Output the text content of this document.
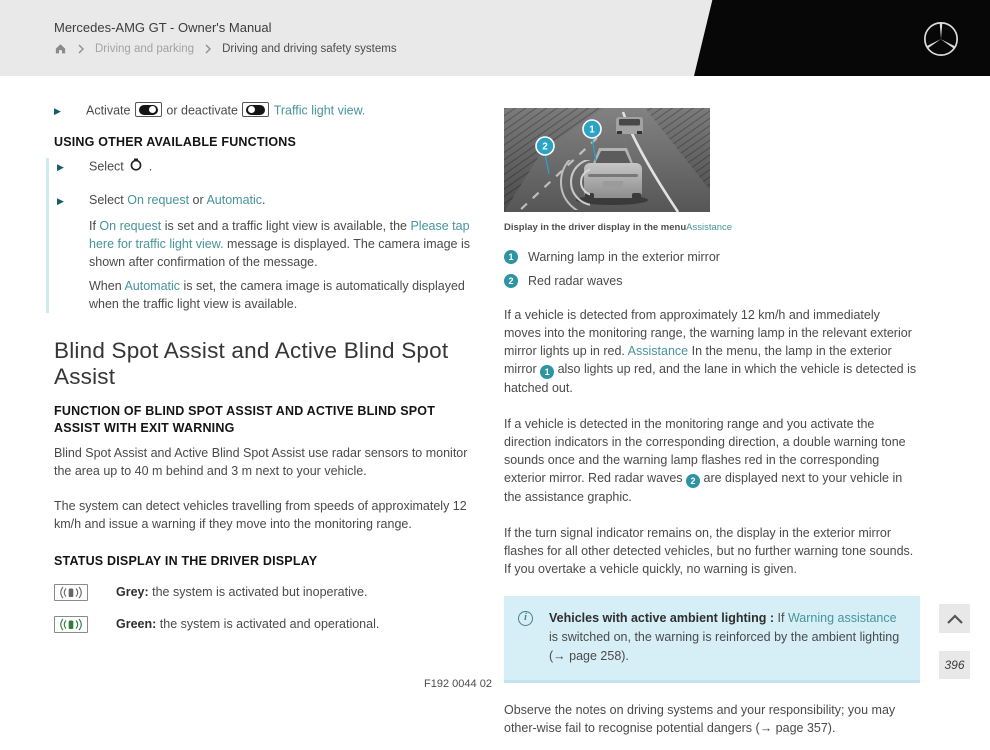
Mercedes-AMG GT - Owner's Manual
Driving and parking Driving and driving safety systems
▶ Activate
or deactivate	Traffic light view.
USING OTHER AVAILABLE FUNCTIONS
▶ Select  .
▶ Select On request or Automatic.

If On request is set and a traffic light view is available, the Please tap here for traffic light view. message is displayed. The camera image is shown after confirmation of the message.

When Automatic is set, the camera image is automatically displayed when the traffic light view is available.

Blind Spot Assist and Active Blind Spot Assist
FUNCTION OF BLIND SPOT ASSIST AND ACTIVE BLIND SPOT ASSIST WITH EXIT WARNING

Blind Spot Assist and Active Blind Spot Assist use radar sensors to monitor the area up to 40 m behind and 3 m next to your vehicle.

The system can detect vehicles travelling from speeds of approximately 12 km/h and issue a warning if they move into the monitoring range.

STATUS DISPLAY IN THE DRIVER DISPLAY
Grey: the system is activated but inoperative.
Green: the system is activated and operational.
1
2
Display in the driver display in the menuAssistance
1	Warning lamp in the exterior mirror
2	Red radar waves

If a vehicle is detected from approximately 12 km/h and immediately moves into the monitoring range, the warning lamp in the relevant exterior mirror lights up in red. Assistance In the menu, the lamp in the exterior mirror 1 also lights up red, and the lane in which the vehicle is detected is hatched out.

If a vehicle is detected in the monitoring range and you activate the direction indicators in the corresponding direction, a double warning tone sounds once and the warning lamp flashes red in the corresponding exterior mirror. Red radar waves 2 are displayed next to your vehicle in the assistance graphic.

If the turn signal indicator remains on, the display in the exterior mirror flashes for all other detected vehicles, but no further warning tone sounds. If you overtake a vehicle quickly, no warning is given.

i	Vehicles with active ambient lighting : If Warning assistance is switched on, the warning is reinforced by the ambient lighting (→ page 258).

Observe the notes on driving systems and your responsibility; you may other-wise fail to recognise potential dangers (→ page 357).

F192 0044 02
396
